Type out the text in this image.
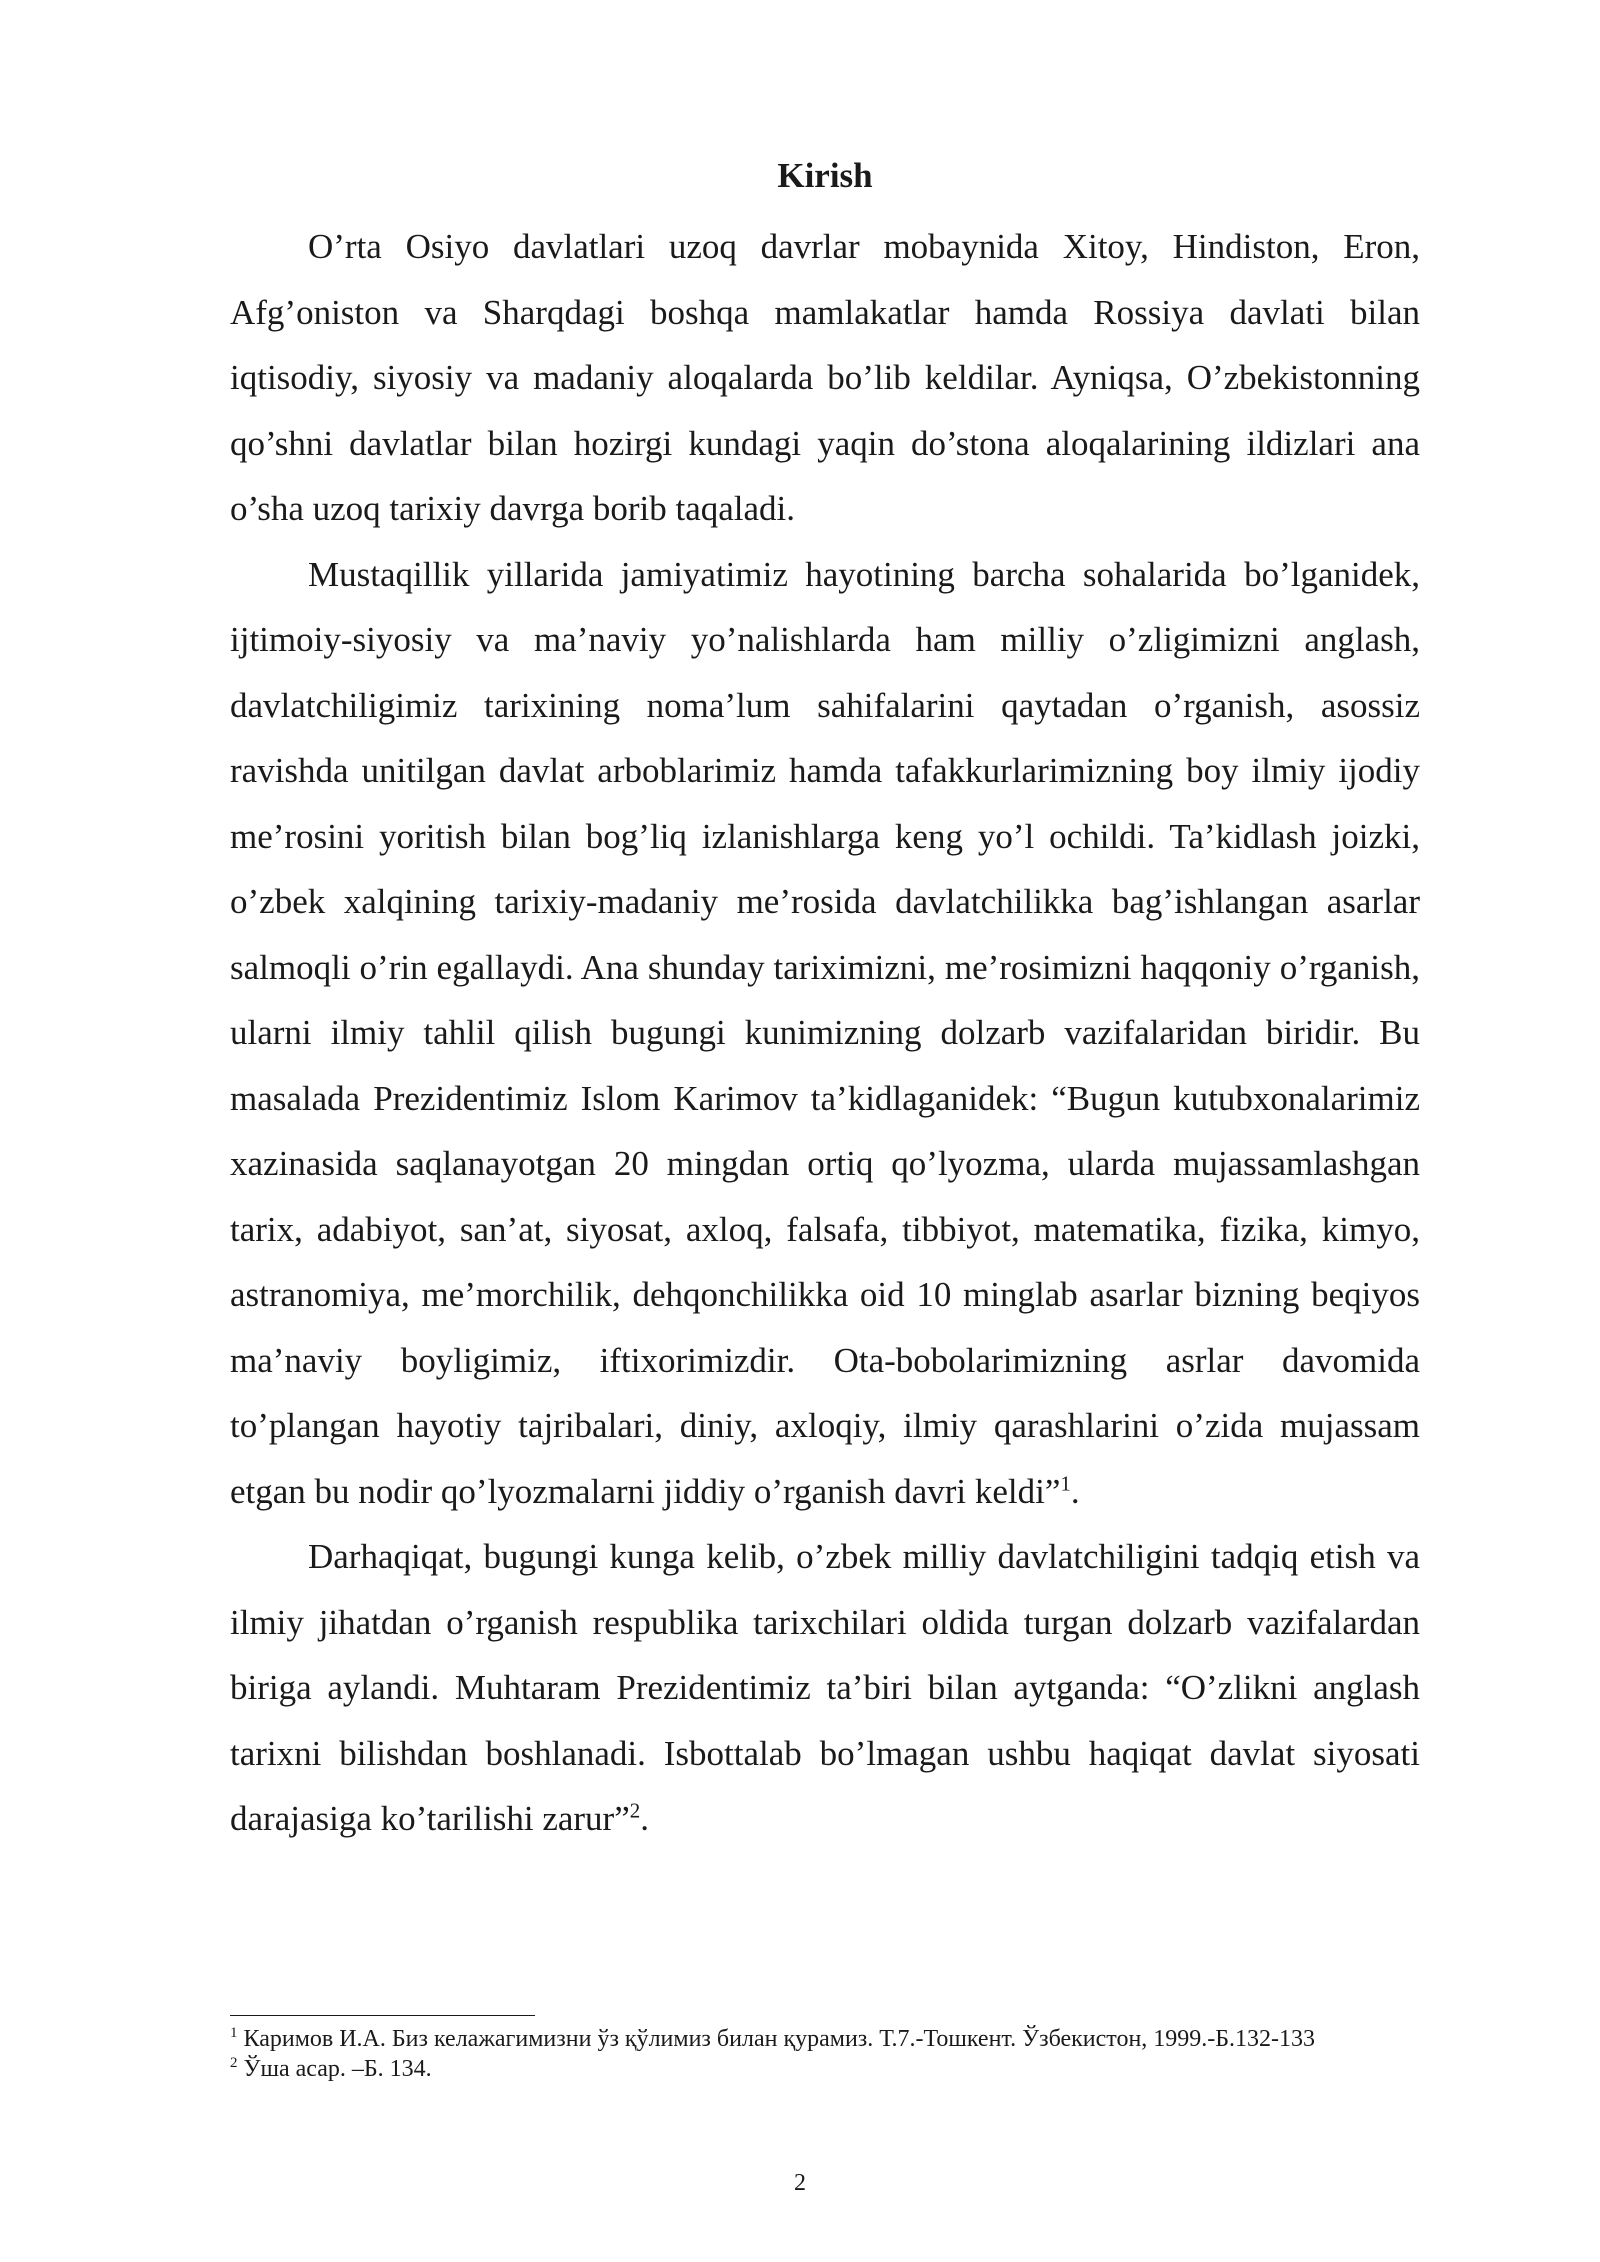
Kirish

O’rta Osiyo davlatlari uzoq davrlar mobaynida Xitoy, Hindiston, Eron, Afg’oniston va Sharqdagi boshqa mamlakatlar hamda Rossiya davlati bilan iqtisodiy, siyosiy va madaniy aloqalarda bo’lib keldilar. Ayniqsa, O’zbekistonning qo’shni davlatlar bilan hozirgi kundagi yaqin do’stona aloqalarining ildizlari ana o’sha uzoq tarixiy davrga borib taqaladi.

Mustaqillik yillarida jamiyatimiz hayotining barcha sohalarida bo’lganidek, ijtimoiy-siyosiy va ma’naviy yo’nalishlarda ham milliy o’zligimizni anglash, davlatchiligimiz tarixining noma’lum sahifalarini qaytadan o’rganish, asossiz ravishda unitilgan davlat arboblarimiz hamda tafakkurlarimizning boy ilmiy ijodiy me’rosini yoritish bilan bog’liq izlanishlarga keng yo’l ochildi. Ta’kidlash joizki, o’zbek xalqining tarixiy-madaniy me’rosida davlatchilikka bag’ishlangan asarlar salmoqli o’rin egallaydi. Ana shunday tariximizni, me’rosimizni haqqoniy o’rganish, ularni ilmiy tahlil qilish bugungi kunimizning dolzarb vazifalaridan biridir. Bu masalada Prezidentimiz Islom Karimov ta’kidlaganidek: “Bugun kutubxonalarimiz xazinasida saqlanayotgan 20 mingdan ortiq qo’lyozma, ularda mujassamlashgan tarix, adabiyot, san’at, siyosat, axloq, falsafa, tibbiyot, matematika, fizika, kimyo, astranomiya, me’morchilik, dehqonchilikka oid 10 minglab asarlar bizning beqiyos ma’naviy boyligimiz, iftixorimizdir. Ota-bobolarimizning asrlar davomida to’plangan hayotiy tajribalari, diniy, axloqiy, ilmiy qarashlarini o’zida mujassam etgan bu nodir qo’lyozmalarni jiddiy o’rganish davri keldi”$^1$.

Darhaqiqat, bugungi kunga kelib, o’zbek milliy davlatchiligini tadqiq etish va ilmiy jihatdan o’rganish respublika tarixchilari oldida turgan dolzarb vazifalardan biriga aylandi. Muhtaram Prezidentimiz ta’biri bilan aytganda: “O’zlikni anglash tarixni bilishdan boshlanadi. Isbottalab bo’lmagan ushbu haqiqat davlat siyosati darajasiga ko’tarilishi zarur”$^2$.

$^1$ Каримов И.А. Биз келажагимизни ўз қўлимиз билан қурамиз. Т.7.-Тошкент. Ўзбекистон, 1999.-Б.132-133

$^2$ Ўша асар. –Б. 134.

2
